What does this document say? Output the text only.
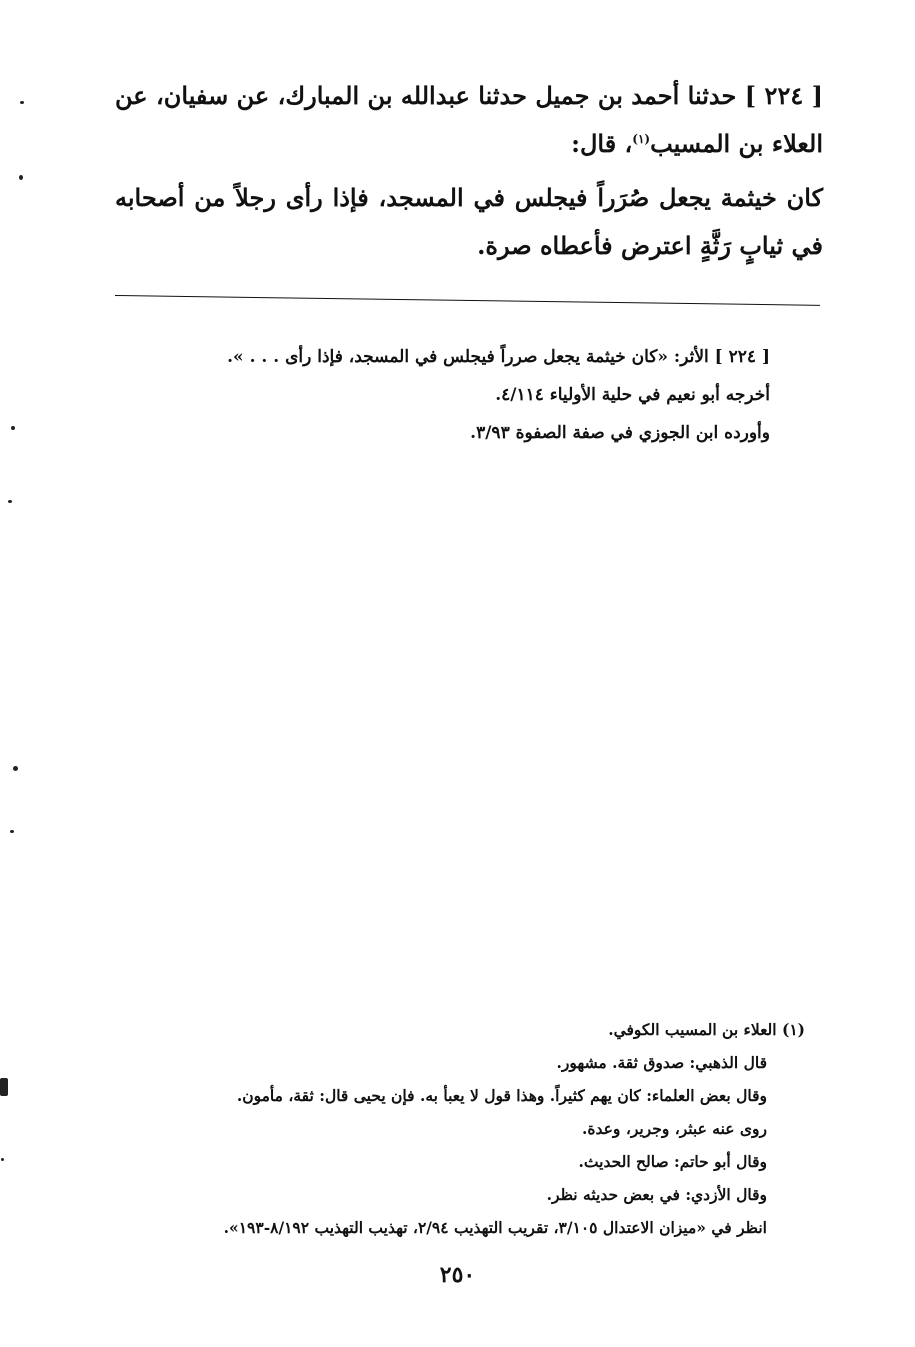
[ ٢٢٤ ] حدثنا أحمد بن جميل حدثنا عبدالله بن المبارك، عن سفيان، عن العلاء بن المسيب$^{(١)}$، قال:

كان خيثمة يجعل صُرَراً فيجلس في المسجد، فإذا رأى رجلاً من أصحابه في ثيابٍ رَثَّةٍ اعترض فأعطاه صرة.

[ ٢٢٤ ] الأثر: «كان خيثمة يجعل صرراً فيجلس في المسجد، فإذا رأى . . . ».

أخرجه أبو نعيم في حلية الأولياء ٤/١١٤.

وأورده ابن الجوزي في صفة الصفوة ٣/٩٣.

(١) العلاء بن المسيب الكوفي.

قال الذهبي: صدوق ثقة. مشهور.

وقال بعض العلماء: كان يهم كثيراً. وهذا قول لا يعبأ به. فإن يحيى قال: ثقة، مأمون.

روى عنه عبثر، وجرير، وعدة.

وقال أبو حاتم: صالح الحديث.

وقال الأزدي: في بعض حديثه نظر.

انظر في «ميزان الاعتدال ٣/١٠٥، تقريب التهذيب ٢/٩٤، تهذيب التهذيب ٨/١٩٢-١٩٣».

٢٥٠
